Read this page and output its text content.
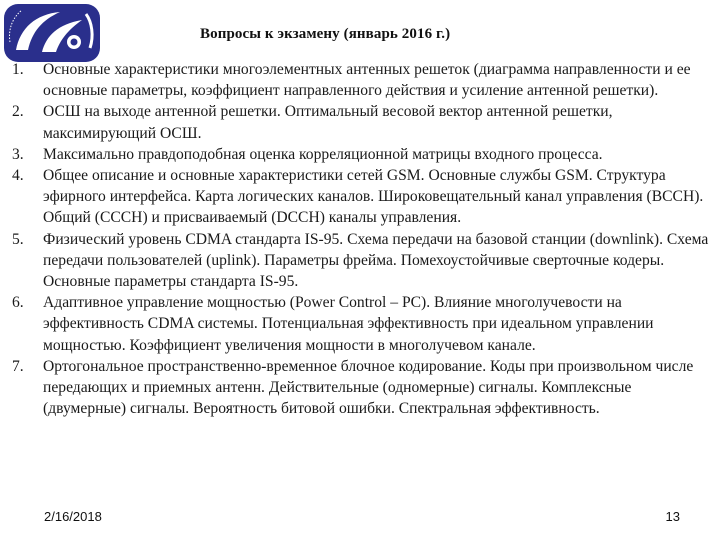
Вопросы к экзамену (январь 2016 г.)
1.	Основные характеристики многоэлементных антенных решеток (диаграмма направленности и ее основные параметры, коэффициент направленного действия и усиление антенной решетки).
2.	ОСШ на выходе антенной решетки. Оптимальный весовой вектор антенной решетки, максимирующий ОСШ.
3.	Максимально правдоподобная оценка корреляционной матрицы входного процесса.
4.	Общее описание и основные характеристики сетей GSM. Основные службы GSM. Структура эфирного интерфейса. Карта логических каналов. Широковещательный канал управления (BCCH). Общий (CCCH) и присваиваемый (DCCH) каналы управления.
5.	Физический уровень CDMA стандарта IS-95. Схема передачи на базовой станции (downlink). Схема передачи пользователей (uplink). Параметры фрейма. Помехоустойчивые сверточные кодеры. Основные параметры стандарта IS-95.
6.	Адаптивное управление мощностью (Power Control – PC). Влияние многолучевости на эффективность CDMA системы. Потенциальная эффективность при идеальном управлении мощностью. Коэффициент увеличения мощности в многолучевом канале.
7.	Ортогональное пространственно-временное блочное кодирование. Коды при произвольном числе передающих и приемных антенн. Действительные (одномерные) сигналы. Комплексные (двумерные) сигналы. Вероятность битовой ошибки. Спектральная эффективность.
2/16/2018	13
